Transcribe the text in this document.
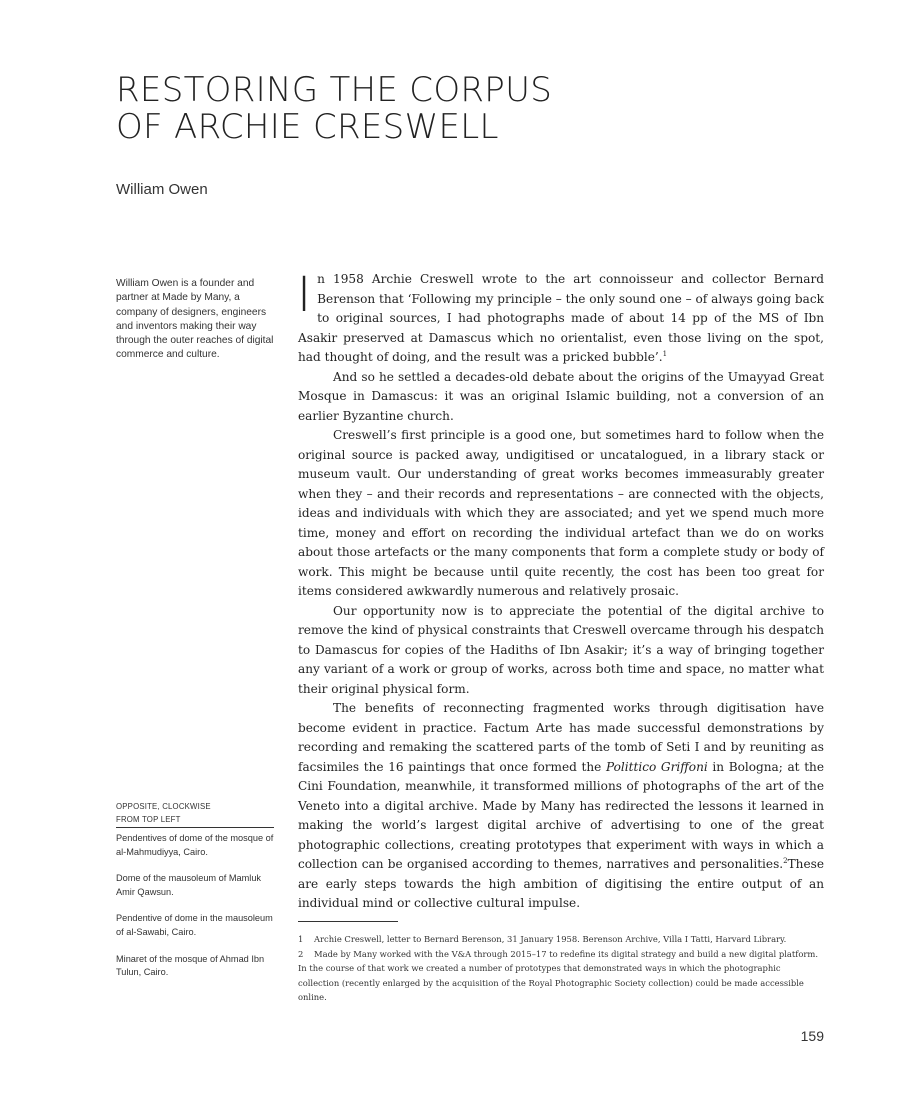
RESTORING THE CORPUS
OF ARCHIE CRESWELL
William Owen
William Owen is a founder and partner at Made by Many, a company of designers, engineers and inventors making their way through the outer reaches of digital commerce and culture.
OPPOSITE, CLOCKWISE
FROM TOP LEFT
Pendentives of dome of the mosque of al-Mahmudiyya, Cairo.
Dome of the mausoleum of Mamluk Amir Qawsun.
Pendentive of dome in the mausoleum of al-Sawabi, Cairo.
Minaret of the mosque of Ahmad Ibn Tulun, Cairo.

In 1958 Archie Creswell wrote to the art connoisseur and collector Bernard Berenson that ‘Following my principle – the only sound one – of always going back to original sources, I had photographs made of about 14 pp of the MS of Ibn Asakir preserved at Damascus which no orientalist, even those living on the spot, had thought of doing, and the result was a pricked bubble’.$^1$

And so he settled a decades-old debate about the origins of the Umayyad Great Mosque in Damascus: it was an original Islamic building, not a conversion of an earlier Byzantine church.

Creswell’s first principle is a good one, but sometimes hard to follow when the original source is packed away, undigitised or uncatalogued, in a library stack or museum vault. Our understanding of great works becomes immeasurably greater when they – and their records and representations – are connected with the objects, ideas and individuals with which they are associated; and yet we spend much more time, money and effort on recording the individual artefact than we do on works about those artefacts or the many components that form a complete study or body of work. This might be because until quite recently, the cost has been too great for items considered awkwardly numerous and relatively prosaic.

Our opportunity now is to appreciate the potential of the digital archive to remove the kind of physical constraints that Creswell overcame through his despatch to Damascus for copies of the Hadiths of Ibn Asakir; it’s a way of bringing together any variant of a work or group of works, across both time and space, no matter what their original physical form.

The benefits of reconnecting fragmented works through digitisation have become evident in practice. Factum Arte has made successful demonstrations by recording and remaking the scattered parts of the tomb of Seti I and by reuniting as facsimiles the 16 paintings that once formed the Polittico Griffoni in Bologna; at the Cini Foundation, meanwhile, it transformed millions of photographs of the art of the Veneto into a digital archive. Made by Many has redirected the lessons it learned in making the world’s largest digital archive of advertising to one of the great photographic collections, creating prototypes that experiment with ways in which a collection can be organised according to themes, narratives and personalities.$^2$These are early steps towards the high ambition of digitising the entire output of an individual mind or collective cultural impulse.

1 Archie Creswell, letter to Bernard Berenson, 31 January 1958. Berenson Archive, Villa I Tatti, Harvard Library.

2 Made by Many worked with the V&A through 2015–17 to redefine its digital strategy and build a new digital platform. In the course of that work we created a number of prototypes that demonstrated ways in which the photographic collection (recently enlarged by the acquisition of the Royal Photographic Society collection) could be made accessible online.

159
